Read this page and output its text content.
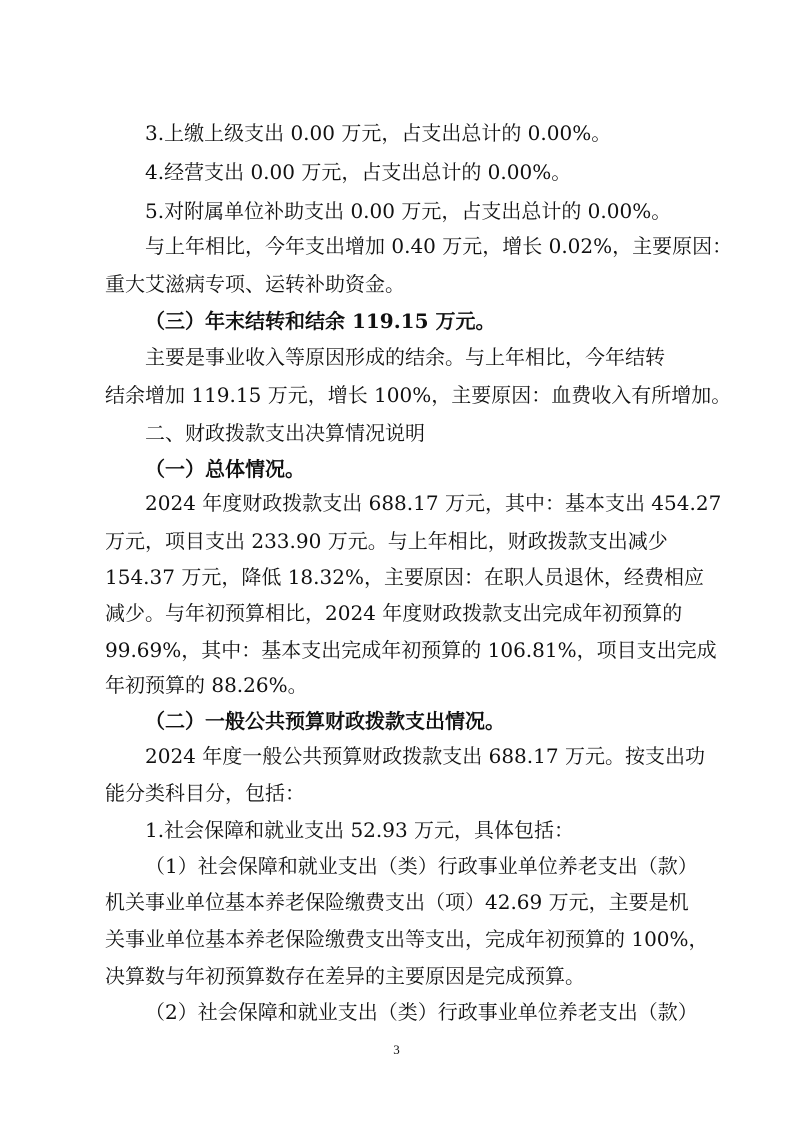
3.上缴上级支出 0.00 万元，占支出总计的 0.00%。
4.经营支出 0.00 万元，占支出总计的 0.00%。
5.对附属单位补助支出 0.00 万元，占支出总计的 0.00%。
与上年相比，今年支出增加 0.40 万元，增长 0.02%，主要原因：
重大艾滋病专项、运转补助资金。
（三）年末结转和结余 119.15 万元。
主要是事业收入等原因形成的结余。与上年相比，今年结转
结余增加 119.15 万元，增长 100%，主要原因：血费收入有所增加。
二、财政拨款支出决算情况说明
（一）总体情况。
2024 年度财政拨款支出 688.17 万元，其中：基本支出 454.27
万元，项目支出 233.90 万元。与上年相比，财政拨款支出减少
154.37 万元，降低 18.32%，主要原因：在职人员退休，经费相应
减少。与年初预算相比，2024 年度财政拨款支出完成年初预算的
99.69%，其中：基本支出完成年初预算的 106.81%，项目支出完成
年初预算的 88.26%。
（二）一般公共预算财政拨款支出情况。
2024 年度一般公共预算财政拨款支出 688.17 万元。按支出功
能分类科目分，包括：
1.社会保障和就业支出 52.93 万元，具体包括：
（1）社会保障和就业支出（类）行政事业单位养老支出（款）
机关事业单位基本养老保险缴费支出（项）42.69 万元，主要是机
关事业单位基本养老保险缴费支出等支出，完成年初预算的 100%，
决算数与年初预算数存在差异的主要原因是完成预算。
（2）社会保障和就业支出（类）行政事业单位养老支出（款）
3
